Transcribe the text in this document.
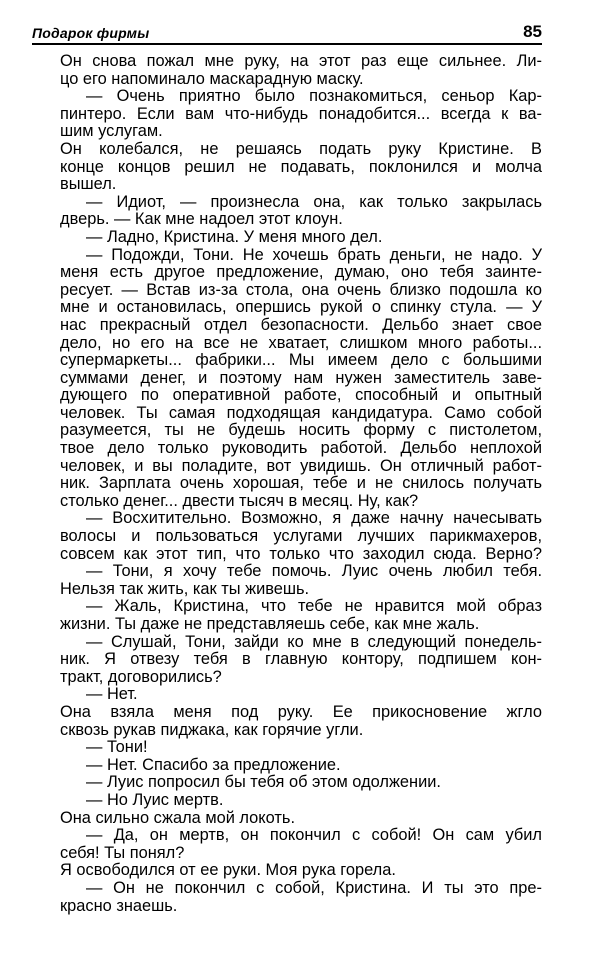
Подарок фирмы	85
Он снова пожал мне руку, на этот раз еще сильнее. Ли-
цо его напоминало маскарадную маску.
— Очень приятно было познакомиться, сеньор Кар-
пинтеро. Если вам что-нибудь понадобится... всегда к ва-
шим услугам.
Он колебался, не решаясь подать руку Кристине. В
конце концов решил не подавать, поклонился и молча
вышел.
— Идиот, — произнесла она, как только закрылась
дверь. — Как мне надоел этот клоун.
— Ладно, Кристина. У меня много дел.
— Подожди, Тони. Не хочешь брать деньги, не надо. У
меня есть другое предложение, думаю, оно тебя заинте-
ресует. — Встав из-за стола, она очень близко подошла ко
мне и остановилась, опершись рукой о спинку стула. — У
нас прекрасный отдел безопасности. Дельбо знает свое
дело, но его на все не хватает, слишком много работы...
супермаркеты... фабрики... Мы имеем дело с большими
суммами денег, и поэтому нам нужен заместитель заве-
дующего по оперативной работе, способный и опытный
человек. Ты самая подходящая кандидатура. Само собой
разумеется, ты не будешь носить форму с пистолетом,
твое дело только руководить работой. Дельбо неплохой
человек, и вы поладите, вот увидишь. Он отличный работ-
ник. Зарплата очень хорошая, тебе и не снилось получать
столько денег... двести тысяч в месяц. Ну, как?
— Восхитительно. Возможно, я даже начну начесывать
волосы и пользоваться услугами лучших парикмахеров,
совсем как этот тип, что только что заходил сюда. Верно?
— Тони, я хочу тебе помочь. Луис очень любил тебя.
Нельзя так жить, как ты живешь.
— Жаль, Кристина, что тебе не нравится мой образ
жизни. Ты даже не представляешь себе, как мне жаль.
— Слушай, Тони, зайди ко мне в следующий понедель-
ник. Я отвезу тебя в главную контору, подпишем кон-
тракт, договорились?
— Нет.
Она взяла меня под руку. Ее прикосновение жгло
сквозь рукав пиджака, как горячие угли.
— Тони!
— Нет. Спасибо за предложение.
— Луис попросил бы тебя об этом одолжении.
— Но Луис мертв.
Она сильно сжала мой локоть.
— Да, он мертв, он покончил с собой! Он сам убил
себя! Ты понял?
Я освободился от ее руки. Моя рука горела.
— Он не покончил с собой, Кристина. И ты это пре-
красно знаешь.
